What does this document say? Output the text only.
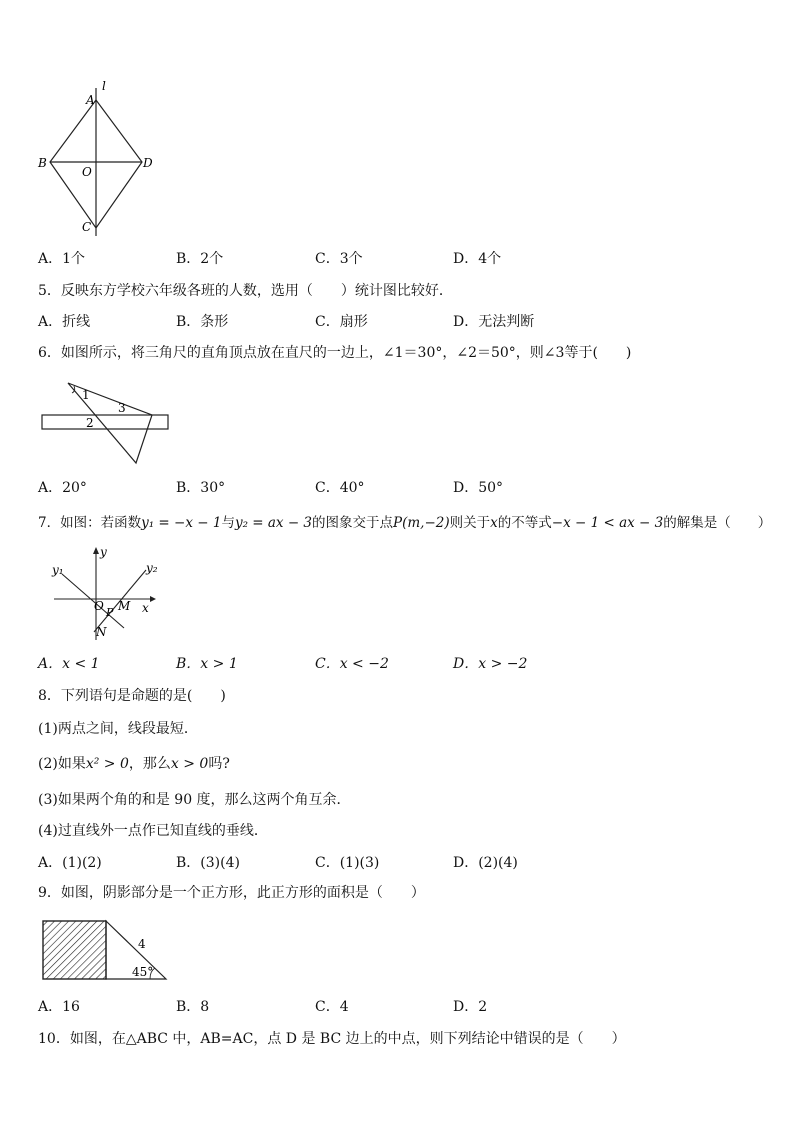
A
l
B	D
O
C
A．1个	B．2个	C．3个	D．4个
5．反映东方学校六年级各班的人数，选用（　　）统计图比较好．
A．折线	B．条形	C．扇形	D．无法判断
6．如图所示，将三角尺的直角顶点放在直尺的一边上，∠1＝30°，∠2＝50°，则∠3等于(　　)
1
3
2
A．20°	B．30°	C．40°	D．50°
7．如图：若函数y₁ = −x − 1与y₂ = ax − 3的图象交于点P(m,−2)则关于x的不等式−x − 1 < ax − 3的解集是（　　）
y
y₁	y₂
O M
P
N
x
A．x < 1	B．x > 1	C．x < −2	D．x > −2
8．下列语句是命题的是(　　)
(1)两点之间，线段最短．
(2)如果x² > 0，那么x > 0吗?
(3)如果两个角的和是 90 度，那么这两个角互余．
(4)过直线外一点作已知直线的垂线．
A．(1)(2)	B．(3)(4)	C．(1)(3)	D．(2)(4)
9．如图，阴影部分是一个正方形，此正方形的面积是（　　）
4
45°
A．16	B．8	C．4	D．2
10．如图，在△ABC 中，AB=AC，点 D 是 BC 边上的中点，则下列结论中错误的是（　　）
